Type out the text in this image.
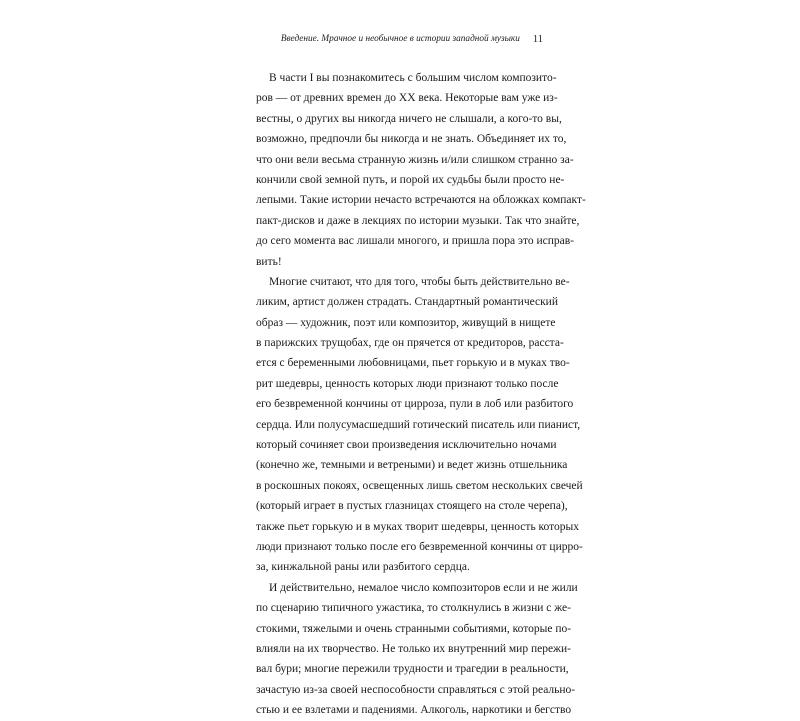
Введение. Мрачное и необычное в истории западной музыки 11
В части I вы познакомитесь с большим числом композито-
ров — от древних времен до XX века. Некоторые вам уже из-
вестны, о других вы никогда ничего не слышали, а кого-то вы,
возможно, предпочли бы никогда и не знать. Объединяет их то,
что они вели весьма странную жизнь и/или слишком странно за-
кончили свой земной путь, и порой их судьбы были просто не-
лепыми. Такие истории нечасто встречаются на обложках компакт-
пакт-дисков и даже в лекциях по истории музыки. Так что знайте,
до сего момента вас лишали многого, и пришла пора это исправ-
вить!
Многие считают, что для того, чтобы быть действительно ве-
ликим, артист должен страдать. Стандартный романтический
образ — художник, поэт или композитор, живущий в нищете
в парижских трущобах, где он прячется от кредиторов, расста-
ется с беременными любовницами, пьет горькую и в муках тво-
рит шедевры, ценность которых люди признают только после
его безвременной кончины от цирроза, пули в лоб или разбитого
сердца. Или полусумасшедший готический писатель или пианист,
который сочиняет свои произведения исключительно ночами
(конечно же, темными и ветреными) и ведет жизнь отшельника
в роскошных покоях, освещенных лишь светом нескольких свечей
(который играет в пустых глазницах стоящего на столе черепа),
также пьет горькую и в муках творит шедевры, ценность которых
люди признают только после его безвременной кончины от цирро-
за, кинжальной раны или разбитого сердца.
И действительно, немалое число композиторов если и не жили
по сценарию типичного ужастика, то столкнулись в жизни с же-
стокими, тяжелыми и очень странными событиями, которые по-
влияли на их творчество. Не только их внутренний мир пережи-
вал бури; многие пережили трудности и трагедии в реальности,
зачастую из-за своей неспособности справляться с этой реально-
стью и ее взлетами и падениями. Алкоголь, наркотики и бегство
